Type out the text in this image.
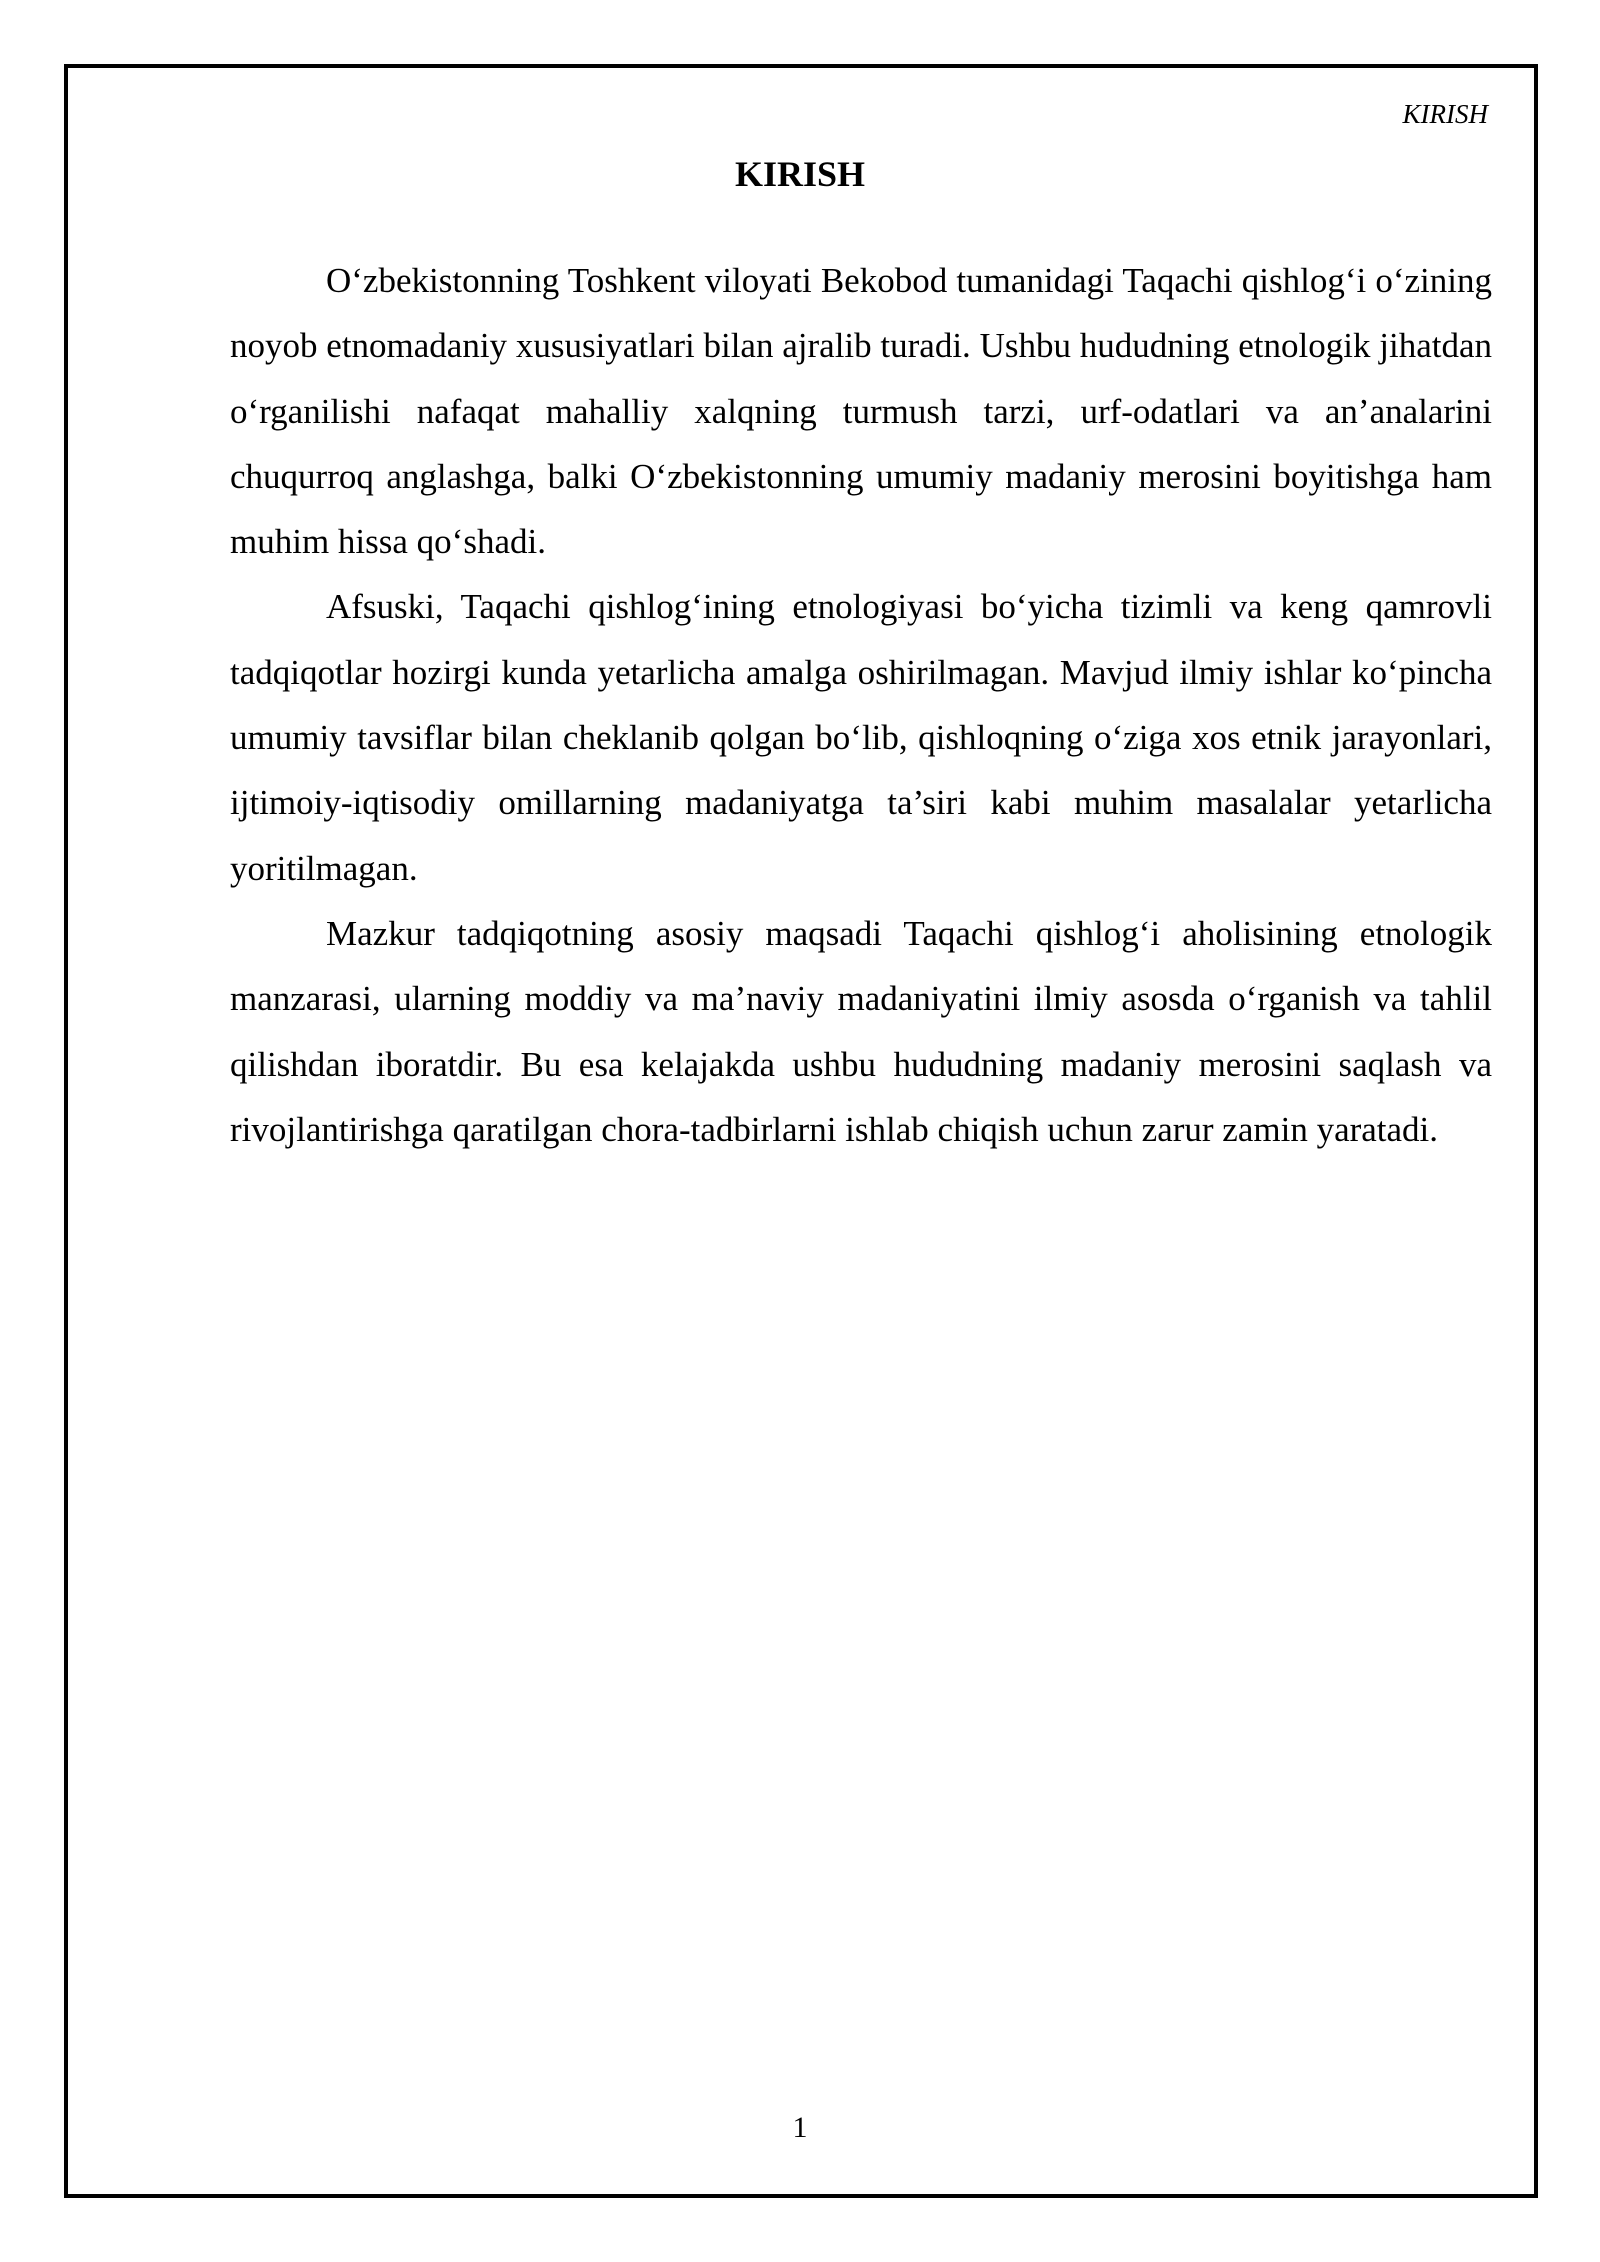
KIRISH
KIRISH

O‘zbekistonning Toshkent viloyati Bekobod tumanidagi Taqachi qishlog‘i o‘zining noyob etnomadaniy xususiyatlari bilan ajralib turadi. Ushbu hududning etnologik jihatdan o‘rganilishi nafaqat mahalliy xalqning turmush tarzi, urf-odatlari va an’analarini chuqurroq anglashga, balki O‘zbekistonning umumiy madaniy merosini boyitishga ham muhim hissa qo‘shadi.

Afsuski, Taqachi qishlog‘ining etnologiyasi bo‘yicha tizimli va keng qamrovli tadqiqotlar hozirgi kunda yetarlicha amalga oshirilmagan. Mavjud ilmiy ishlar ko‘pincha umumiy tavsiflar bilan cheklanib qolgan bo‘lib, qishloqning o‘ziga xos etnik jarayonlari, ijtimoiy-iqtisodiy omillarning madaniyatga ta’siri kabi muhim masalalar yetarlicha yoritilmagan.

Mazkur tadqiqotning asosiy maqsadi Taqachi qishlog‘i aholisining etnologik manzarasi, ularning moddiy va ma’naviy madaniyatini ilmiy asosda o‘rganish va tahlil qilishdan iboratdir. Bu esa kelajakda ushbu hududning madaniy merosini saqlash va rivojlantirishga qaratilgan chora-tadbirlarni ishlab chiqish uchun zarur zamin yaratadi.

1
